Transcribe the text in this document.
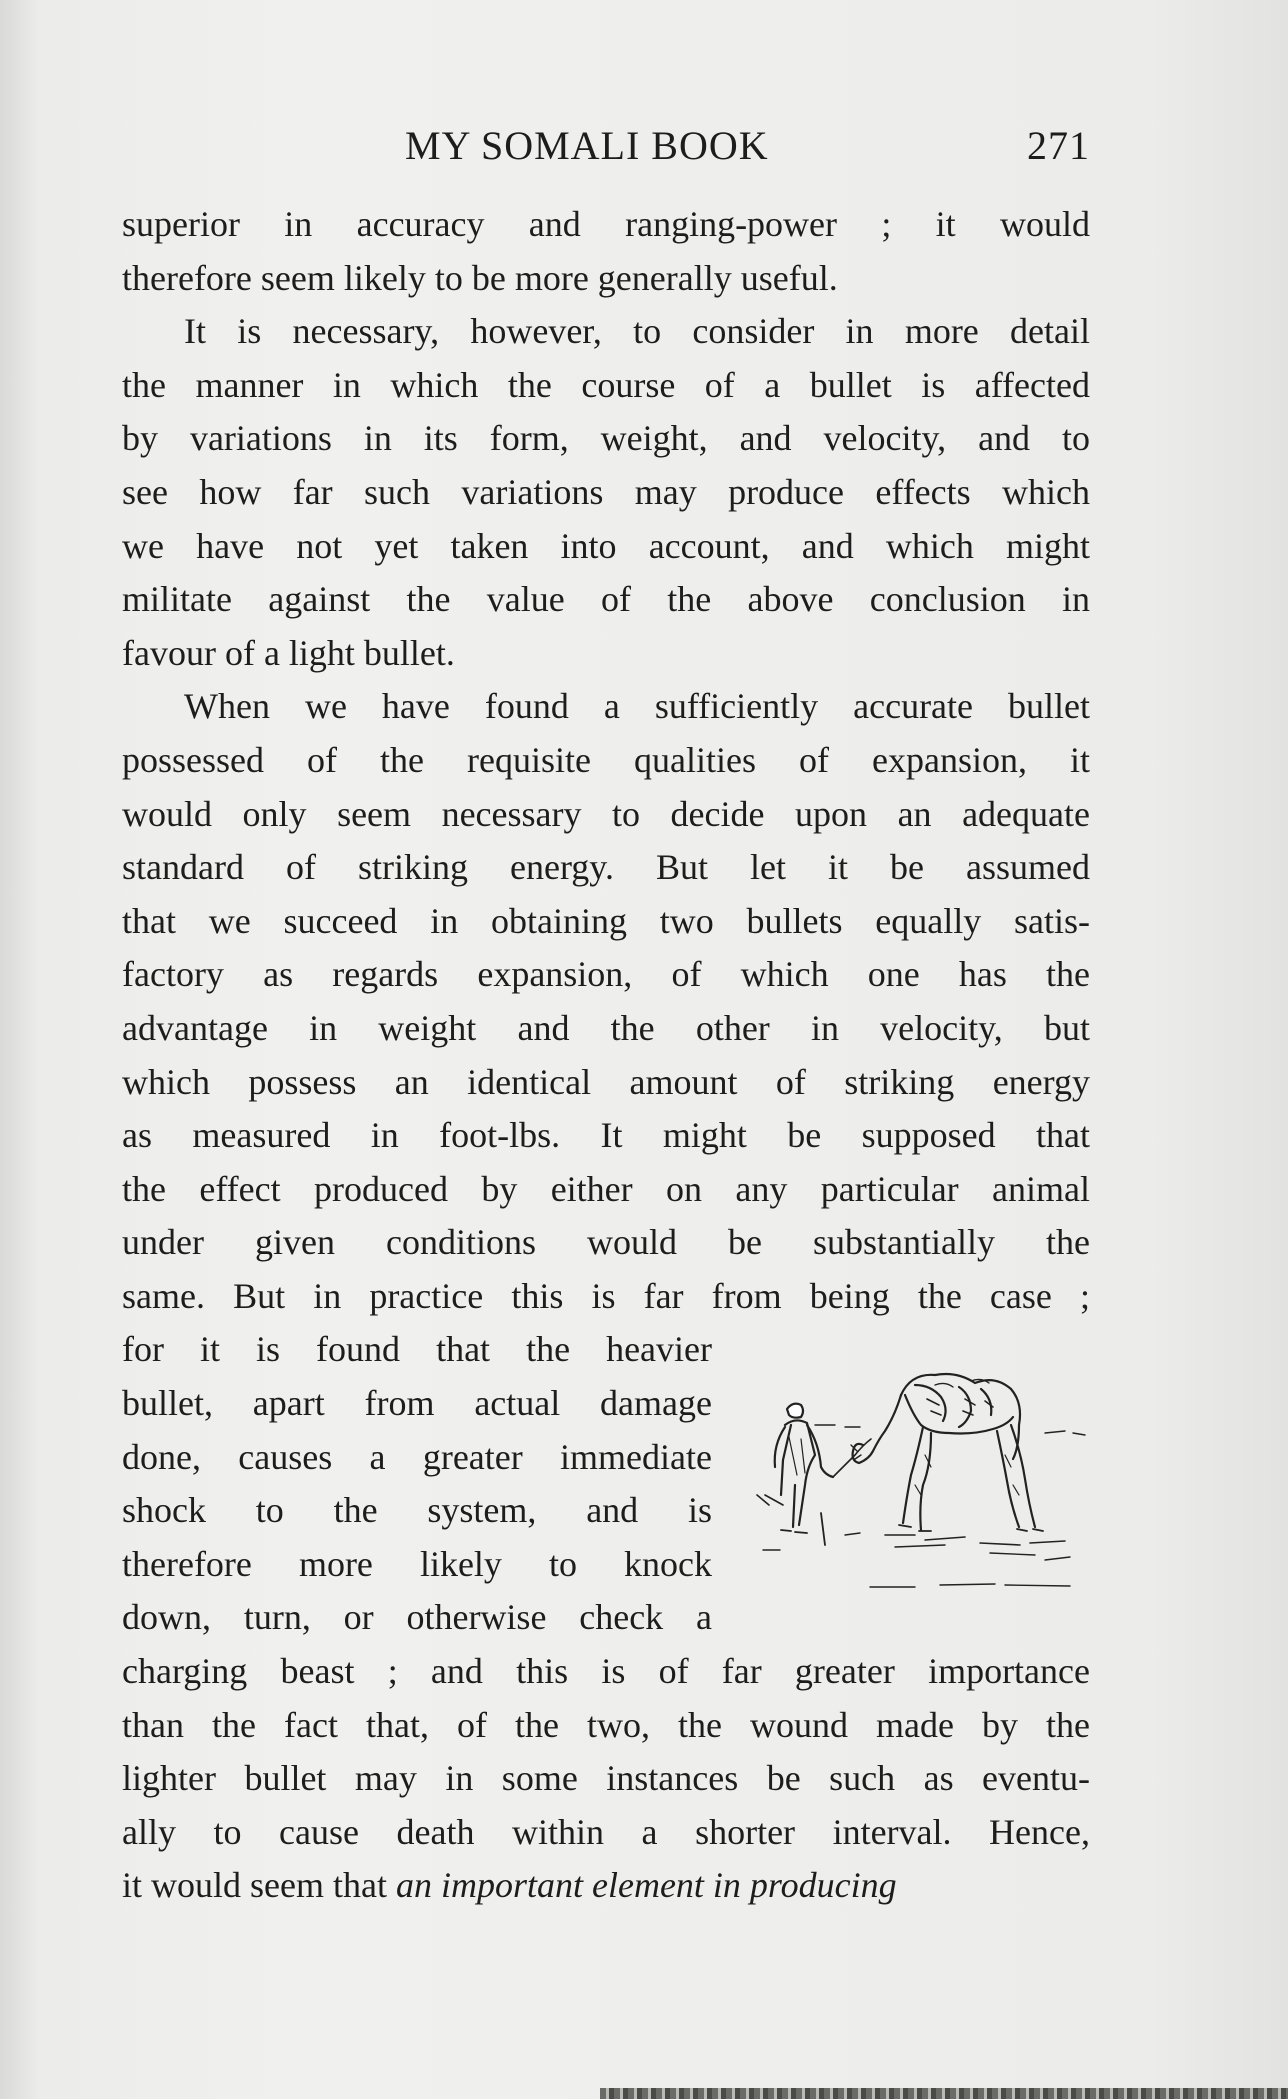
MY SOMALI BOOK	271
superior in accuracy and ranging-power ; it would
therefore seem likely to be more generally useful.
It is necessary, however, to consider in more detail
the manner in which the course of a bullet is affected
by variations in its form, weight, and velocity, and to
see how far such variations may produce effects which
we have not yet taken into account, and which might
militate against the value of the above conclusion in
favour of a light bullet.
When we have found a sufficiently accurate bullet
possessed of the requisite qualities of expansion, it
would only seem necessary to decide upon an adequate
standard of striking energy. But let it be assumed
that we succeed in obtaining two bullets equally satis-
factory as regards expansion, of which one has the
advantage in weight and the other in velocity, but
which possess an identical amount of striking energy
as measured in foot-lbs. It might be supposed that
the effect produced by either on any particular animal
under given conditions would be substantially the
same. But in practice this is far from being the case ;
for it is found that the heavier
bullet, apart from actual damage
done, causes a greater immediate
shock to the system, and is
therefore more likely to knock
down, turn, or otherwise check a
charging beast ; and this is of far greater importance
than the fact that, of the two, the wound made by the
lighter bullet may in some instances be such as eventu-
ally to cause death within a shorter interval. Hence,
it would seem that an important element in producing
